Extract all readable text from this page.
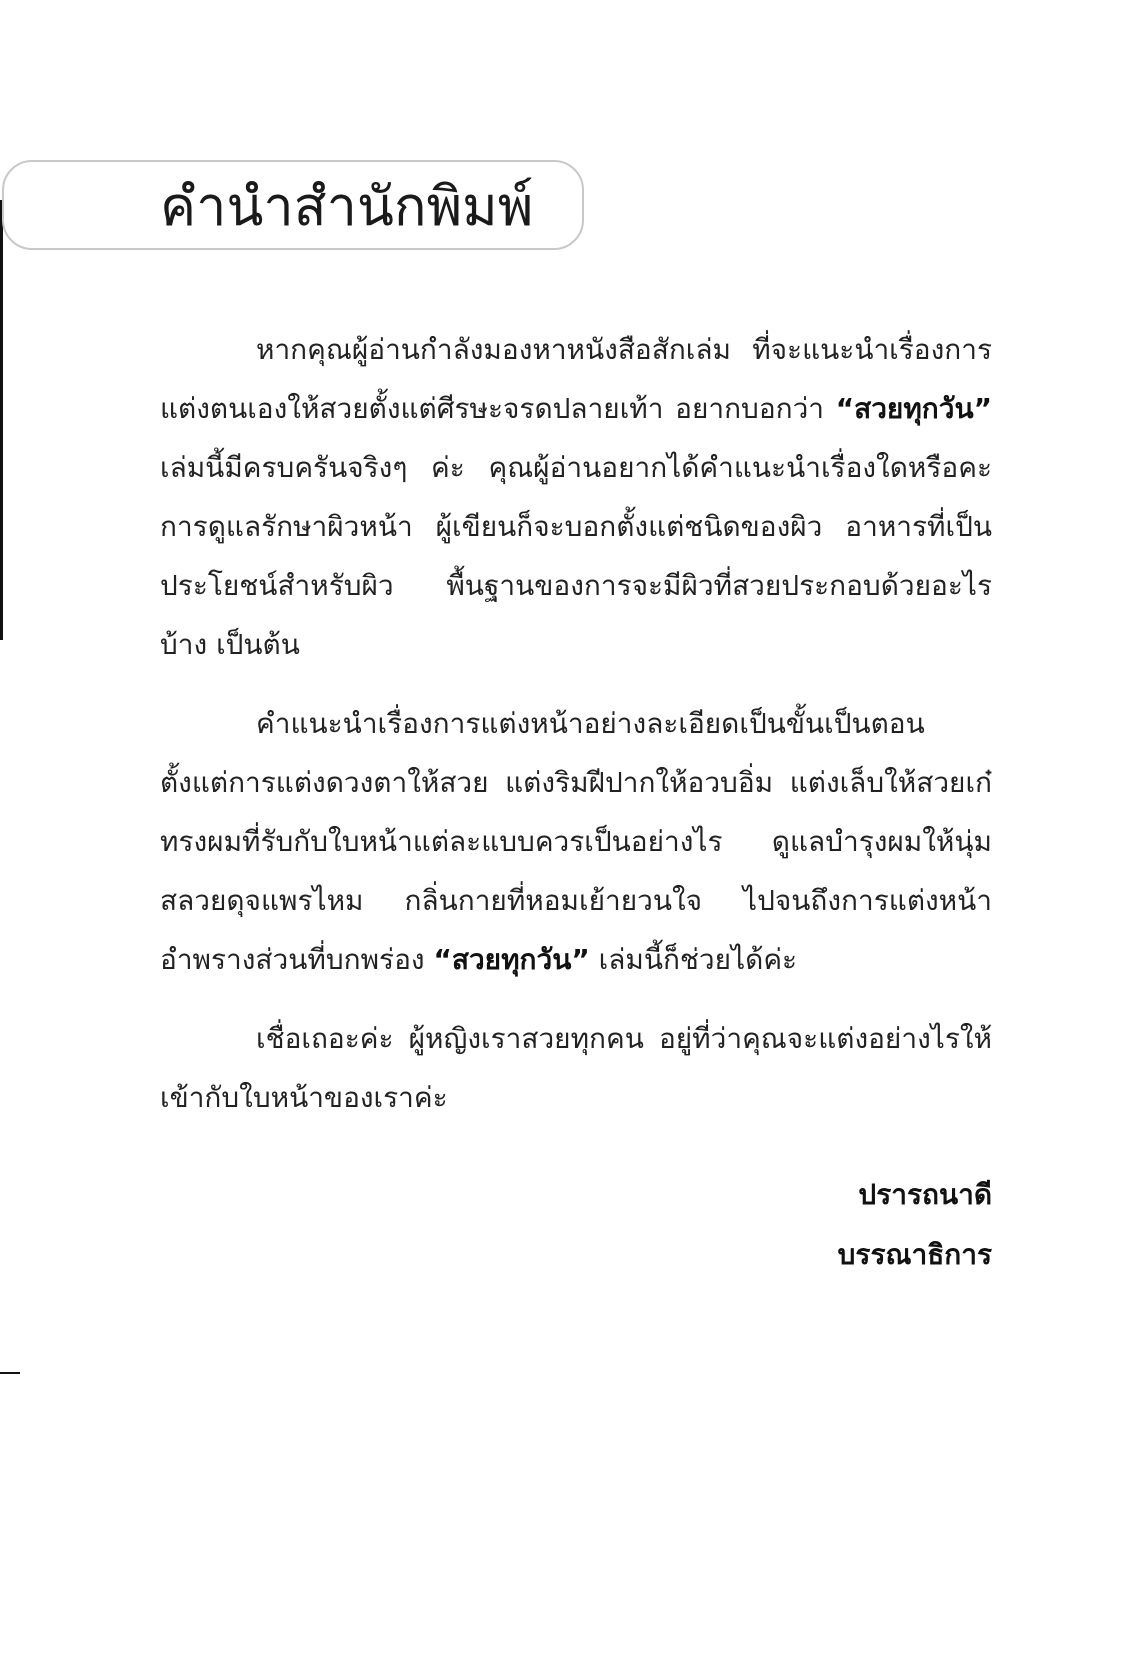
คำนำสำนักพิมพ์

หากคุณผู้อ่านกำลังมองหาหนังสือสักเล่ม ที่จะแนะนำเรื่องการแต่งตนเองให้สวยตั้งแต่ศีรษะจรดปลายเท้า อยากบอกว่า “สวยทุกวัน” เล่มนี้มีครบครันจริงๆ ค่ะ คุณผู้อ่านอยากได้คำแนะนำเรื่องใดหรือคะ การดูแลรักษาผิวหน้า ผู้เขียนก็จะบอกตั้งแต่ชนิดของผิว อาหารที่เป็นประโยชน์สำหรับผิว พื้นฐานของการจะมีผิวที่สวยประกอบด้วยอะไรบ้าง เป็นต้น

คำแนะนำเรื่องการแต่งหน้าอย่างละเอียดเป็นขั้นเป็นตอน ตั้งแต่การแต่งดวงตาให้สวย แต่งริมฝีปากให้อวบอิ่ม แต่งเล็บให้สวยเก๋ ทรงผมที่รับกับใบหน้าแต่ละแบบควรเป็นอย่างไร ดูแลบำรุงผมให้นุ่มสลวยดุจแพรไหม กลิ่นกายที่หอมเย้ายวนใจ ไปจนถึงการแต่งหน้าอำพรางส่วนที่บกพร่อง “สวยทุกวัน” เล่มนี้ก็ช่วยได้ค่ะ

เชื่อเถอะค่ะ ผู้หญิงเราสวยทุกคน อยู่ที่ว่าคุณจะแต่งอย่างไรให้เข้ากับใบหน้าของเราค่ะ

ปรารถนาดี
บรรณาธิการ
